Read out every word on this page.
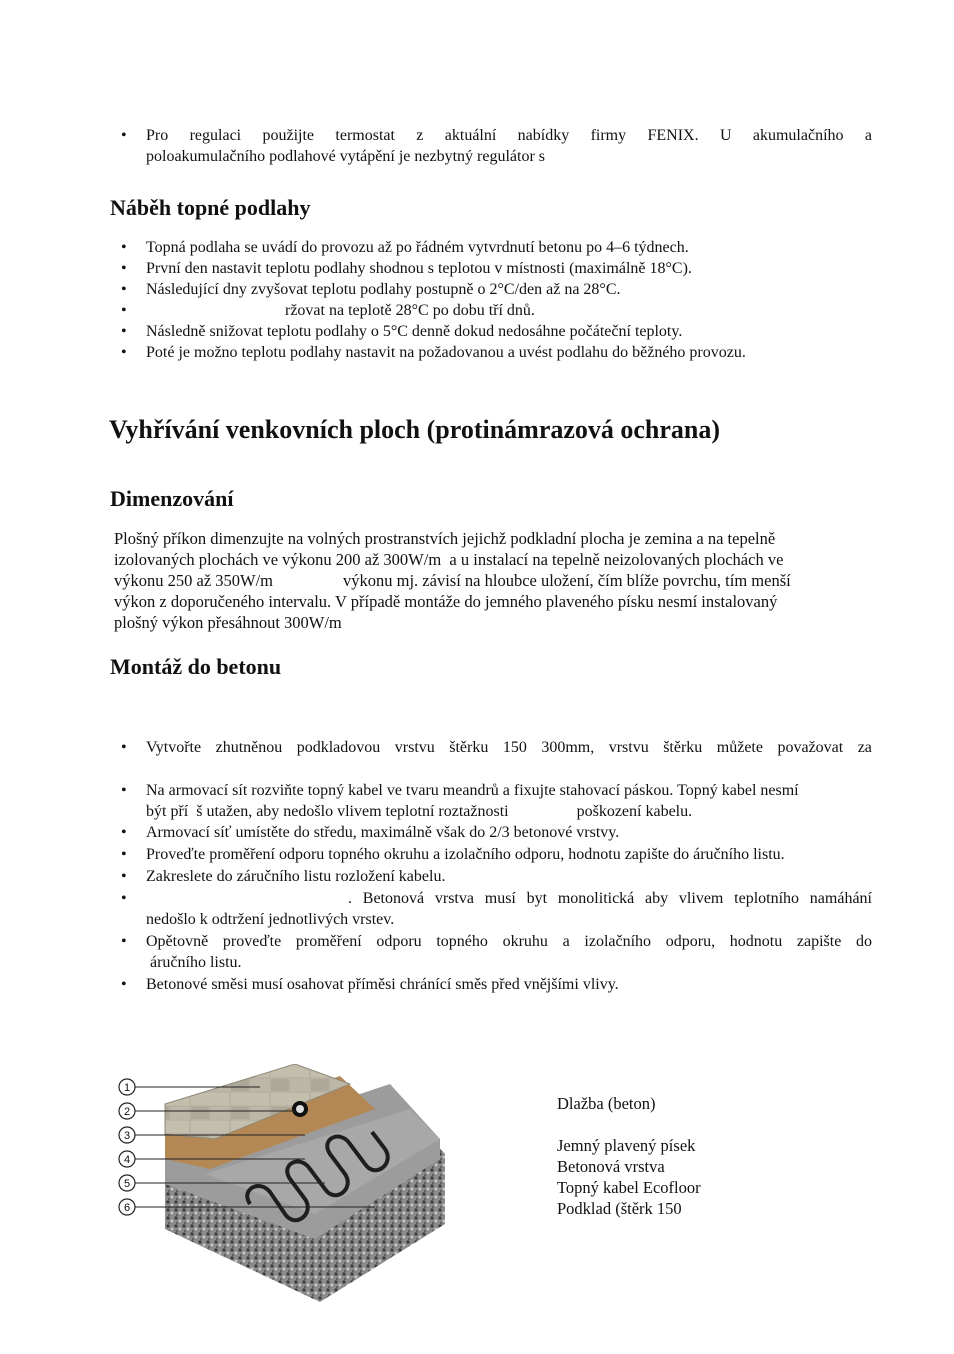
• Pro regulaci použijte termostat z aktuální nabídky firmy FENIX. U akumulačního a
poloakumulačního podlahové vytápění je nezbytný regulátor s
Náběh topné podlahy
• Topná podlaha se uvádí do provozu až po řádném vytvrdnutí betonu po 4–6 týdnech.
• První den nastavit teplotu podlahy shodnou s teplotou v místnosti (maximálně 18°C).
• Následující dny zvyšovat teplotu podlahy postupně o 2°C/den až na 28°C.
• ržovat na teplotě 28°C po dobu tří dnů.
• Následně snižovat teplotu podlahy o 5°C denně dokud nedosáhne počáteční teploty.
• Poté je možno teplotu podlahy nastavit na požadovanou a uvést podlahu do běžného provozu.
Vyhřívání venkovních ploch (protinámrazová ochrana)
Dimenzování
Plošný příkon dimenzujte na volných prostranstvích jejichž podkladní plocha je zemina a na tepelně
izolovaných plochách ve výkonu 200 až 300W/m  a u instalací na tepelně neizolovaných plochách ve
výkonu 250 až 350W/m	výkonu mj. závisí na hloubce uložení, čím blíže povrchu, tím menší
výkon z doporučeného intervalu. V případě montáže do jemného plaveného písku nesmí instalovaný
plošný výkon přesáhnout 300W/m
Montáž do betonu
• Vytvořte zhutněnou podkladovou vrstvu štěrku 150 300mm, vrstvu štěrku můžete považovat za
• Na armovací sít rozviňte topný kabel ve tvaru meandrů a fixujte stahovací páskou. Topný kabel nesmí
být pří  š utažen, aby nedošlo vlivem teplotní roztažnosti	poškození kabelu.
• Armovací síť umístěte do středu, maximálně však do 2/3 betonové vrstvy.
• Proveďte proměření odporu topného okruhu a izolačního odporu, hodnotu zapište do áručního listu.
• Zakreslete do záručního listu rozložení kabelu.
• . Betonová vrstva musí byt monolitická aby vlivem teplotního namáhání
nedošlo k odtržení jednotlivých vrstev.
• Opětovně proveďte proměření odporu topného okruhu a izolačního odporu, hodnotu zapište do
áručního listu.
• Betonové směsi musí osahovat příměsi chránící směs před vnějšími vlivy.
1
2
3
4
5
6
Dlažba (beton)
Jemný plavený písek
Betonová vrstva
Topný kabel Ecofloor
Podklad (štěrk 150
